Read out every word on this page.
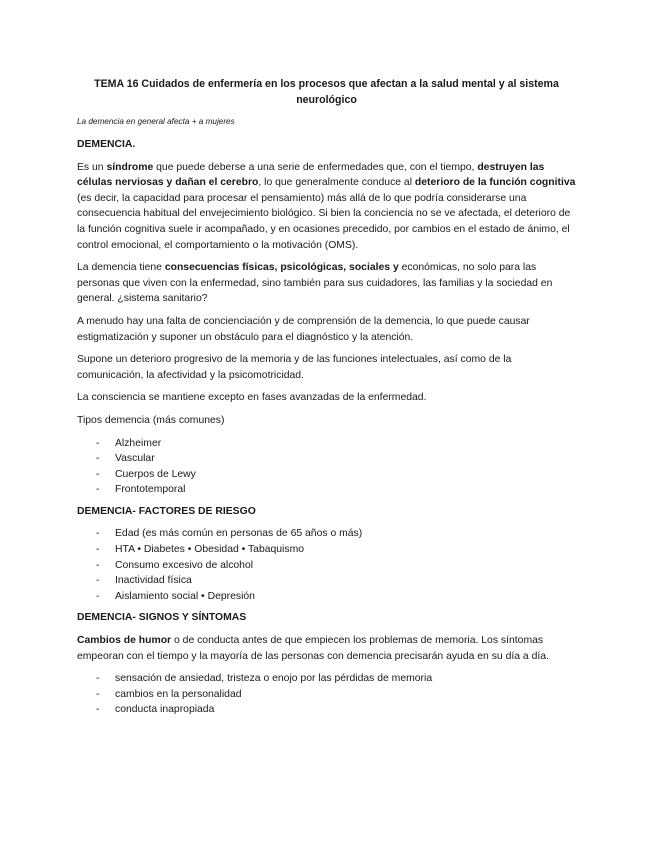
TEMA 16 Cuidados de enfermería en los procesos que afectan a la salud mental y al sistema neurológico
La demencia en general afecta + a mujeres
DEMENCIA.

Es un síndrome que puede deberse a una serie de enfermedades que, con el tiempo, destruyen las células nerviosas y dañan el cerebro, lo que generalmente conduce al deterioro de la función cognitiva (es decir, la capacidad para procesar el pensamiento) más allá de lo que podría considerarse una consecuencia habitual del envejecimiento biológico. Si bien la conciencia no se ve afectada, el deterioro de la función cognitiva suele ir acompañado, y en ocasiones precedido, por cambios en el estado de ánimo, el control emocional, el comportamiento o la motivación (OMS).

La demencia tiene consecuencias físicas, psicológicas, sociales y económicas, no solo para las personas que viven con la enfermedad, sino también para sus cuidadores, las familias y la sociedad en general. ¿sistema sanitario?

A menudo hay una falta de concienciación y de comprensión de la demencia, lo que puede causar estigmatización y suponer un obstáculo para el diagnóstico y la atención.

Supone un deterioro progresivo de la memoria y de las funciones intelectuales, así como de la comunicación, la afectividad y la psicomotricidad.

La consciencia se mantiene excepto en fases avanzadas de la enfermedad.

Tipos demencia (más comunes)

- Alzheimer
- Vascular
- Cuerpos de Lewy
- Frontotemporal
DEMENCIA- FACTORES DE RIESGO
- Edad (es más común en personas de 65 años o más)
- HTA • Diabetes • Obesidad • Tabaquismo
- Consumo excesivo de alcohol
- Inactividad física
- Aislamiento social • Depresión
DEMENCIA- SIGNOS Y SÍNTOMAS

Cambios de humor o de conducta antes de que empiecen los problemas de memoria. Los síntomas empeoran con el tiempo y la mayoría de las personas con demencia precisarán ayuda en su día a día.

- sensación de ansiedad, tristeza o enojo por las pérdidas de memoria
- cambios en la personalidad
- conducta inapropiada
